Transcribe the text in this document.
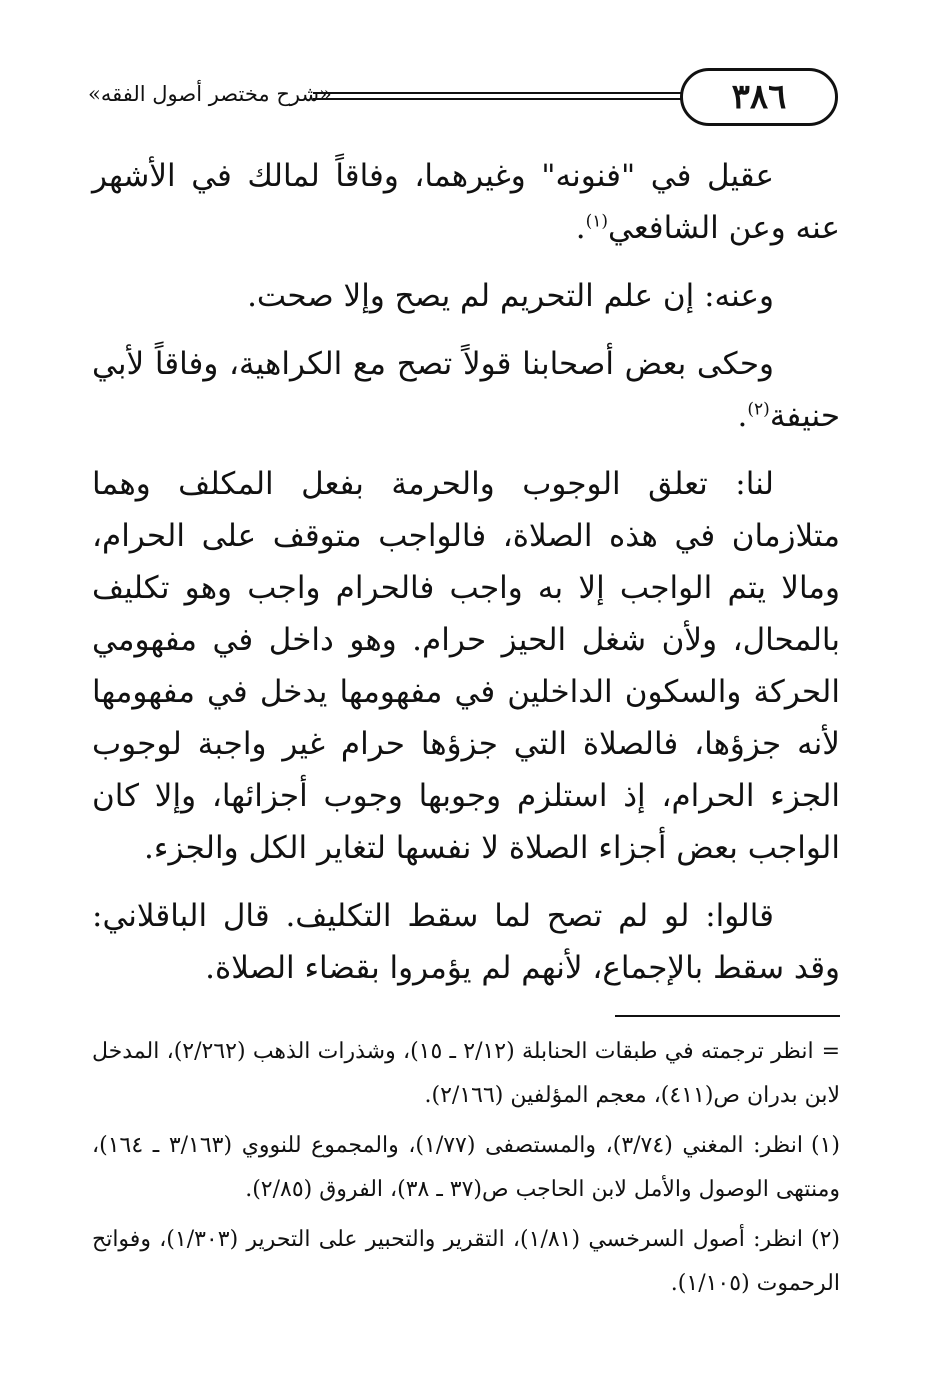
«شرح مختصر أصول الفقه»	٣٨٦

عقيل في "فنونه" وغيرهما، وفاقاً لمالك في الأشهر عنه وعن الشافعي$^{(١)}$.

وعنه: إن علم التحريم لم يصح وإلا صحت.

وحكى بعض أصحابنا قولاً تصح مع الكراهية، وفاقاً لأبي حنيفة$^{(٢)}$.

لنا: تعلق الوجوب والحرمة بفعل المكلف وهما متلازمان في هذه الصلاة، فالواجب متوقف على الحرام، ومالا يتم الواجب إلا به واجب فالحرام واجب وهو تكليف بالمحال، ولأن شغل الحيز حرام. وهو داخل في مفهومي الحركة والسكون الداخلين في مفهومها يدخل في مفهومها لأنه جزؤها، فالصلاة التي جزؤها حرام غير واجبة لوجوب الجزء الحرام، إذ استلزم وجوبها وجوب أجزائها، وإلا كان الواجب بعض أجزاء الصلاة لا نفسها لتغاير الكل والجزء.

قالوا: لو لم تصح لما سقط التكليف. قال الباقلاني: وقد سقط بالإجماع، لأنهم لم يؤمروا بقضاء الصلاة.

=انظر ترجمته في طبقات الحنابلة (٢/١٢ ـ ١٥)، وشذرات الذهب (٢/٢٦٢)، المدخل لابن بدران ص(٤١١)، معجم المؤلفين (٢/١٦٦).

(١)انظر: المغني (٣/٧٤)، والمستصفى (١/٧٧)، والمجموع للنووي (٣/١٦٣ ـ ١٦٤)، ومنتهى الوصول والأمل لابن الحاجب ص(٣٧ ـ ٣٨)، الفروق (٢/٨٥).

(٢)انظر: أصول السرخسي (١/٨١)، التقرير والتحبير على التحرير (١/٣٠٣)، وفواتح الرحموت (١/١٠٥).
